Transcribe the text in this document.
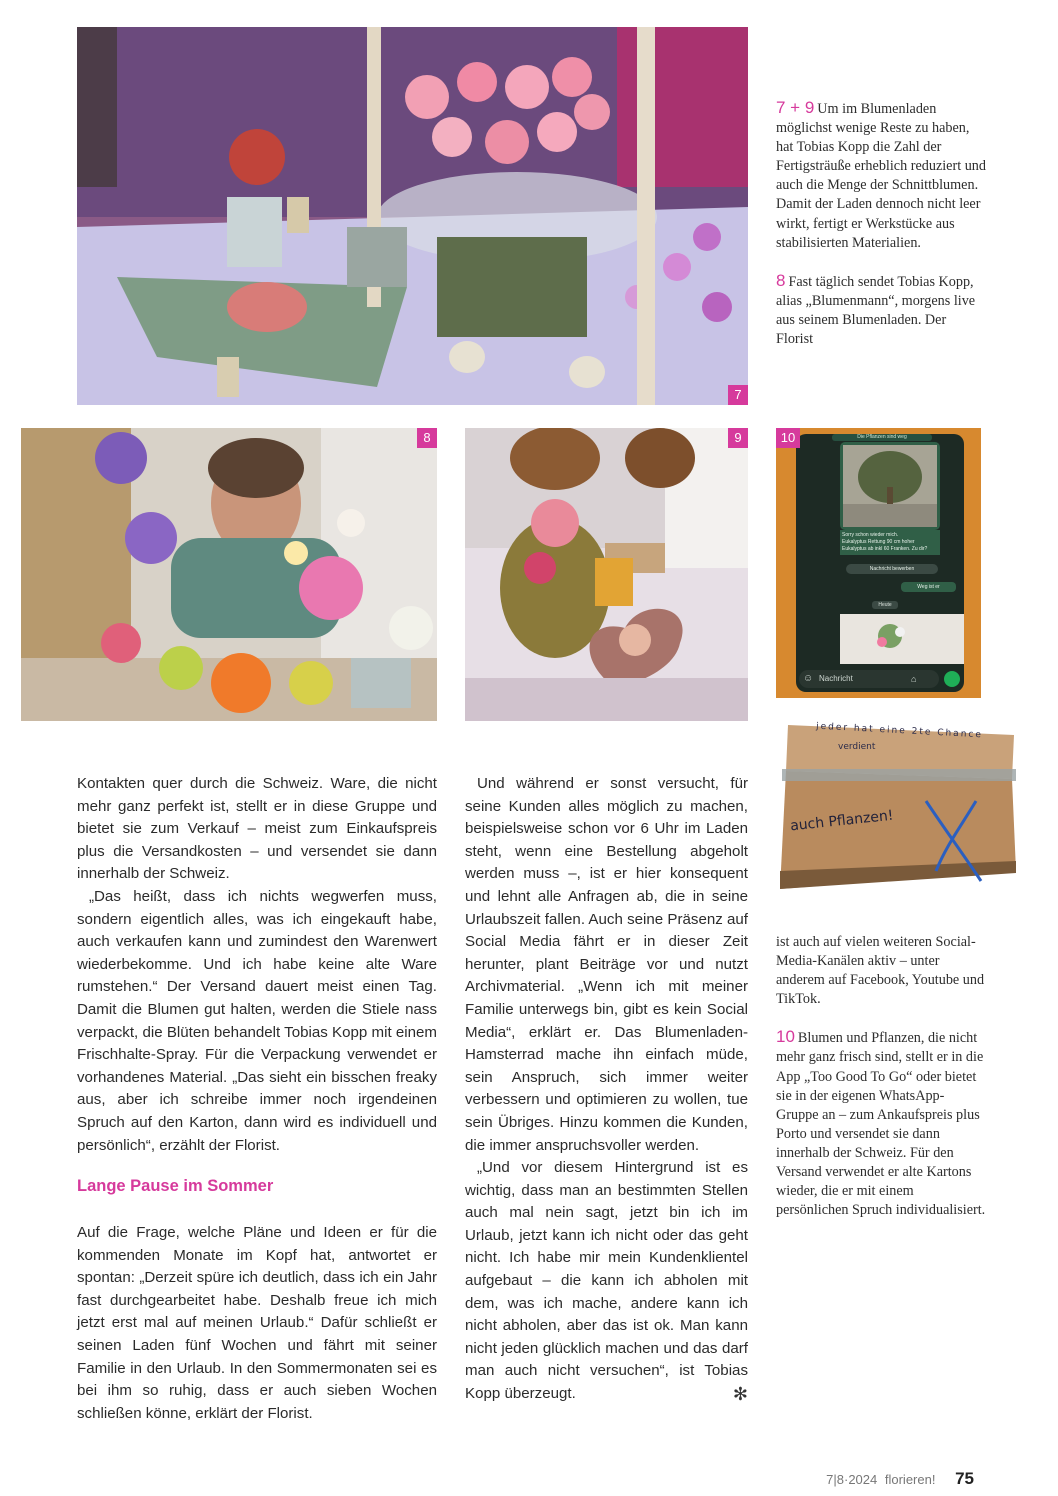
7

7 + 9 Um im Blumenladen möglichst wenige Reste zu haben, hat Tobias Kopp die Zahl der Fertigsträuße erheblich reduziert und auch die Menge der Schnittblumen. Damit der Laden dennoch nicht leer wirkt, fertigt er Werkstücke aus stabilisierten Materialien.

8 Fast täglich sendet Tobias Kopp, alias „Blumenmann“, morgens live aus seinem Blumenladen. Der Florist

8	9	Die Pflanzen sind weg
Sorry schon wieder mich.
Eukalyptus Rettung 90 cm hoher Eukalyptus ab inkl 60 Franken. Zu dir?
Nachricht bewerben
Weg ist er
Heute
☺ Nachricht	⌂
10
jeder hat eine 2te Chance
verdient
auch Pflanzen!

ist auch auf vielen weiteren Social-Media-Kanälen aktiv – unter anderem auf Facebook, Youtube und TikTok.

10 Blumen und Pflanzen, die nicht mehr ganz frisch sind, stellt er in die App „Too Good To Go“ oder bietet sie in der eigenen WhatsApp-Gruppe an – zum Ankaufspreis plus Porto und versendet sie dann innerhalb der Schweiz. Für den Versand verwendet er alte Kartons wieder, die er mit einem persönlichen Spruch individualisiert.

Kontakten quer durch die Schweiz. Ware, die nicht mehr ganz perfekt ist, stellt er in diese Gruppe und bietet sie zum Verkauf – meist zum Einkaufspreis plus die Versandkosten – und versendet sie dann innerhalb der Schweiz.

„Das heißt, dass ich nichts wegwerfen muss, sondern eigentlich alles, was ich eingekauft habe, auch verkaufen kann und zumindest den Warenwert wiederbekomme. Und ich habe keine alte Ware rumstehen.“ Der Versand dauert meist einen Tag. Damit die Blumen gut halten, werden die Stiele nass verpackt, die Blüten behandelt Tobias Kopp mit einem Frischhalte-Spray. Für die Verpackung verwendet er vorhandenes Material. „Das sieht ein bisschen freaky aus, aber ich schreibe immer noch irgendeinen Spruch auf den Karton, dann wird es individuell und persönlich“, erzählt der Florist.

Lange Pause im Sommer

Auf die Frage, welche Pläne und Ideen er für die kommenden Monate im Kopf hat, antwortet er spontan: „Derzeit spüre ich deutlich, dass ich ein Jahr fast durchgearbeitet habe. Deshalb freue ich mich jetzt erst mal auf meinen Urlaub.“ Dafür schließt er seinen Laden fünf Wochen und fährt mit seiner Familie in den Urlaub. In den Sommermonaten sei es bei ihm so ruhig, dass er auch sieben Wochen schließen könne, erklärt der Florist.

Und während er sonst versucht, für seine Kunden alles möglich zu machen, beispielsweise schon vor 6 Uhr im Laden steht, wenn eine Bestellung abgeholt werden muss –, ist er hier konsequent und lehnt alle Anfragen ab, die in seine Urlaubszeit fallen. Auch seine Präsenz auf Social Media fährt er in dieser Zeit herunter, plant Beiträge vor und nutzt Archivmaterial. „Wenn ich mit meiner Familie unterwegs bin, gibt es kein Social Media“, erklärt er. Das Blumenladen-Hamsterrad mache ihn einfach müde, sein Anspruch, sich immer weiter verbessern und optimieren zu wollen, tue sein Übriges. Hinzu kommen die Kunden, die immer anspruchsvoller werden.

„Und vor diesem Hintergrund ist es wichtig, dass man an bestimmten Stellen auch mal nein sagt, jetzt bin ich im Urlaub, jetzt kann ich nicht oder das geht nicht. Ich habe mir mein Kundenklientel aufgebaut – die kann ich abholen mit dem, was ich mache, andere kann ich nicht abholen, aber das ist ok. Man kann nicht jeden glücklich machen und das darf man auch nicht versuchen“, ist Tobias Kopp überzeugt.	✻

7|8·2024 florieren! 75
